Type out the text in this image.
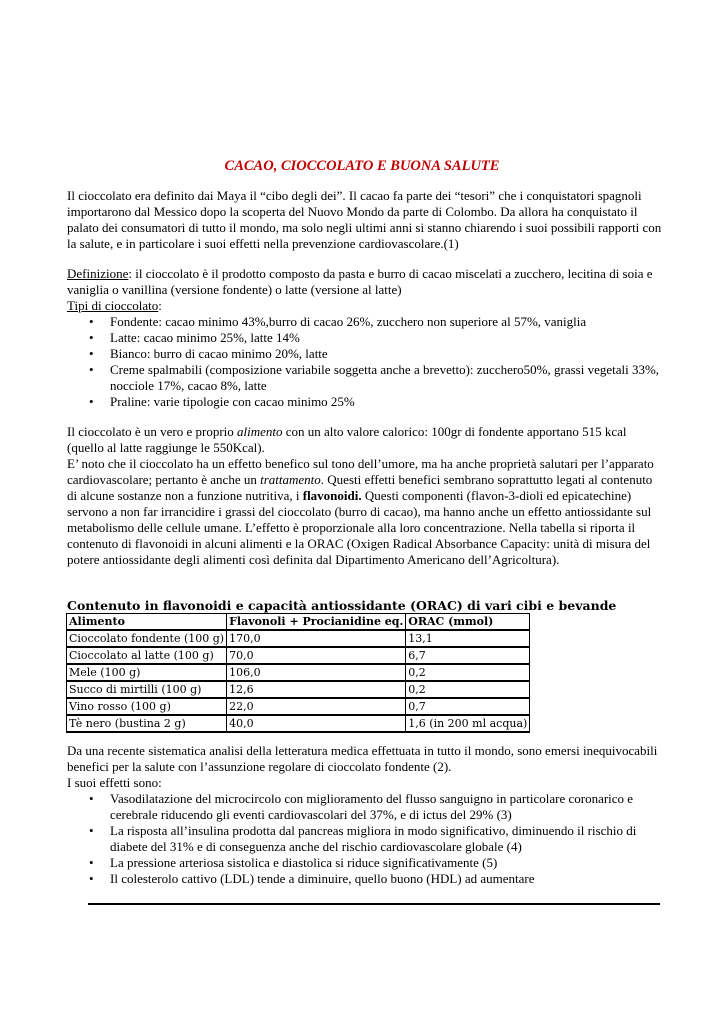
CACAO, CIOCCOLATO E BUONA SALUTE

Il cioccolato era definito dai Maya il “cibo degli dei”. Il cacao fa parte dei “tesori” che i conquistatori spagnoli importarono dal Messico dopo la scoperta del Nuovo Mondo da parte di Colombo. Da allora ha conquistato il palato dei consumatori di tutto il mondo, ma solo negli ultimi anni si stanno chiarendo i suoi possibili rapporti con la salute, e in particolare i suoi effetti nella prevenzione cardiovascolare.(1)

Definizione: il cioccolato è il prodotto composto da pasta e burro di cacao miscelati a zucchero, lecitina di soia e vaniglia o vanillina (versione fondente) o latte (versione al latte)
Tipi di cioccolato:
• Fondente: cacao minimo 43%,burro di cacao 26%, zucchero non superiore al 57%, vaniglia
• Latte: cacao minimo 25%, latte 14%
• Bianco: burro di cacao minimo 20%, latte
• Creme spalmabili (composizione variabile soggetta anche a brevetto): zucchero50%, grassi vegetali 33%, nocciole 17%, cacao 8%, latte
• Praline: varie tipologie con cacao minimo 25%
Il cioccolato è un vero e proprio alimento con un alto valore calorico: 100gr di fondente apportano 515 kcal (quello al latte raggiunge le 550Kcal).
E’ noto che il cioccolato ha un effetto benefico sul tono dell’umore, ma ha anche proprietà salutari per l’apparato cardiovascolare; pertanto è anche un trattamento. Questi effetti benefici sembrano soprattutto legati al contenuto di alcune sostanze non a funzione nutritiva, i flavonoidi. Questi componenti (flavon-3-dioli ed epicatechine) servono a non far irrancidire i grassi del cioccolato (burro di cacao), ma hanno anche un effetto antiossidante sul metabolismo delle cellule umane. L’effetto è proporzionale alla loro concentrazione. Nella tabella si riporta il contenuto di flavonoidi in alcuni alimenti e la ORAC (Oxigen Radical Absorbance Capacity: unità di misura del potere antiossidante degli alimenti così definita dal Dipartimento Americano dell’Agricoltura).
Contenuto in flavonoidi e capacità antiossidante (ORAC) di vari cibi e bevande
Alimento	Flavonoli + Procianidine eq.	ORAC (mmol)
Cioccolato fondente (100 g)	170,0	13,1
Cioccolato al latte (100 g)	70,0	6,7
Mele (100 g)	106,0	0,2
Succo di mirtilli (100 g)	12,6	0,2
Vino rosso (100 g)	22,0	0,7
Tè nero (bustina 2 g)	40,0	1,6 (in 200 ml acqua)
Da una recente sistematica analisi della letteratura medica effettuata in tutto il mondo, sono emersi inequivocabili benefici per la salute con l’assunzione regolare di cioccolato fondente (2).
I suoi effetti sono:
• Vasodilatazione del microcircolo con miglioramento del flusso sanguigno in particolare coronarico e cerebrale riducendo gli eventi cardiovascolari del 37%, e di ictus del 29% (3)
• La risposta all’insulina prodotta dal pancreas migliora in modo significativo, diminuendo il rischio di diabete del 31% e di conseguenza anche del rischio cardiovascolare globale (4)
• La pressione arteriosa sistolica e diastolica si riduce significativamente (5)
• Il colesterolo cattivo (LDL) tende a diminuire, quello buono (HDL) ad aumentare
